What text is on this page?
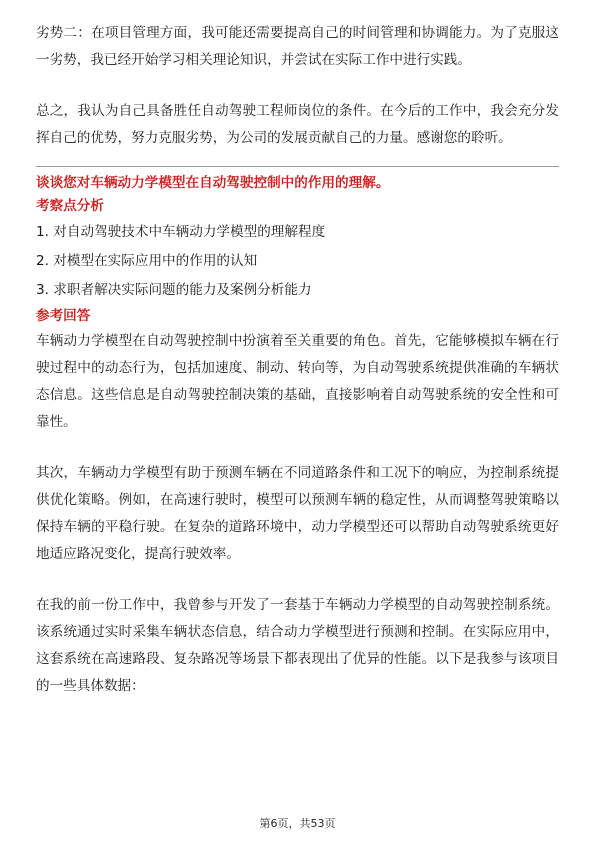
劣势二：在项目管理方面，我可能还需要提高自己的时间管理和协调能力。为了克服这一劣势，我已经开始学习相关理论知识，并尝试在实际工作中进行实践。

总之，我认为自己具备胜任自动驾驶工程师岗位的条件。在今后的工作中，我会充分发挥自己的优势，努力克服劣势，为公司的发展贡献自己的力量。感谢您的聆听。

谈谈您对车辆动力学模型在自动驾驶控制中的作用的理解。

考察点分析

1. 对自动驾驶技术中车辆动力学模型的理解程度
2. 对模型在实际应用中的作用的认知
3. 求职者解决实际问题的能力及案例分析能力

参考回答

车辆动力学模型在自动驾驶控制中扮演着至关重要的角色。首先，它能够模拟车辆在行驶过程中的动态行为，包括加速度、制动、转向等，为自动驾驶系统提供准确的车辆状态信息。这些信息是自动驾驶控制决策的基础，直接影响着自动驾驶系统的安全性和可靠性。

其次，车辆动力学模型有助于预测车辆在不同道路条件和工况下的响应，为控制系统提供优化策略。例如，在高速行驶时，模型可以预测车辆的稳定性，从而调整驾驶策略以保持车辆的平稳行驶。在复杂的道路环境中，动力学模型还可以帮助自动驾驶系统更好地适应路况变化，提高行驶效率。

在我的前一份工作中，我曾参与开发了一套基于车辆动力学模型的自动驾驶控制系统。该系统通过实时采集车辆状态信息，结合动力学模型进行预测和控制。在实际应用中，这套系统在高速路段、复杂路况等场景下都表现出了优异的性能。以下是我参与该项目的一些具体数据：

第6页，共53页
